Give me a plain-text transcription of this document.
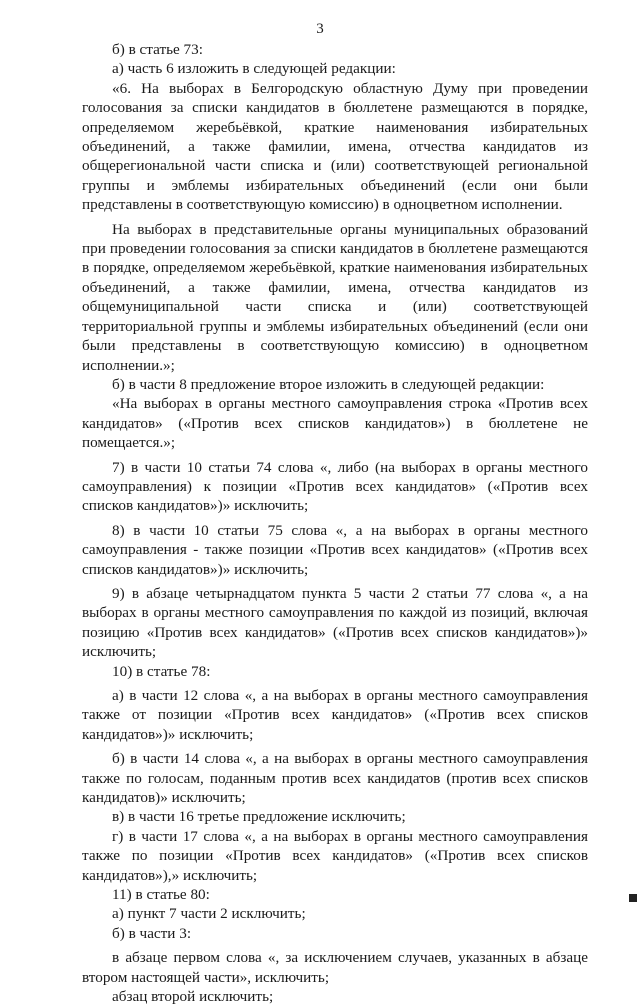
3

б) в статье 73:

а) часть 6 изложить в следующей редакции:

«6. На выборах в Белгородскую областную Думу при проведении голосования за списки кандидатов в бюллетене размещаются в порядке, определяемом жеребьёвкой, краткие наименования избирательных объединений, а также фамилии, имена, отчества кандидатов из общерегиональной части списка и (или) соответствующей региональной группы и эмблемы избирательных объединений (если они были представлены в соответствующую комиссию) в одноцветном исполнении.

На выборах в представительные органы муниципальных образований при проведении голосования за списки кандидатов в бюллетене размещаются в порядке, определяемом жеребьёвкой, краткие наименования избирательных объединений, а также фамилии, имена, отчества кандидатов из общемуниципальной части списка и (или) соответствующей территориальной группы и эмблемы избирательных объединений (если они были представлены в соответствующую комиссию) в одноцветном исполнении.»;

б) в части 8 предложение второе изложить в следующей редакции:

«На выборах в органы местного самоуправления строка «Против всех кандидатов» («Против всех списков кандидатов») в бюллетене не помещается.»;

7) в части 10 статьи 74 слова «, либо (на выборах в органы местного самоуправления) к позиции «Против всех кандидатов» («Против всех списков кандидатов»)» исключить;

8) в части 10 статьи 75 слова «, а на выборах в органы местного самоуправления - также позиции «Против всех кандидатов» («Против всех списков кандидатов»)» исключить;

9) в абзаце четырнадцатом пункта 5 части 2 статьи 77 слова «, а на выборах в органы местного самоуправления по каждой из позиций, включая позицию «Против всех кандидатов» («Против всех списков кандидатов»)» исключить;

10) в статье 78:

а) в части 12 слова «, а на выборах в органы местного самоуправления также от позиции «Против всех кандидатов» («Против всех списков кандидатов»)» исключить;

б) в части 14 слова «, а на выборах в органы местного самоуправления также по голосам, поданным против всех кандидатов (против всех списков кандидатов)» исключить;

в) в части 16 третье предложение исключить;

г) в части 17 слова «, а на выборах в органы местного самоуправления также по позиции «Против всех кандидатов» («Против всех списков кандидатов»),» исключить;

11) в статье 80:

а) пункт 7 части 2 исключить;

б) в части 3:

в абзаце первом слова «, за исключением случаев, указанных в абзаце втором настоящей части», исключить;

абзац второй исключить;
